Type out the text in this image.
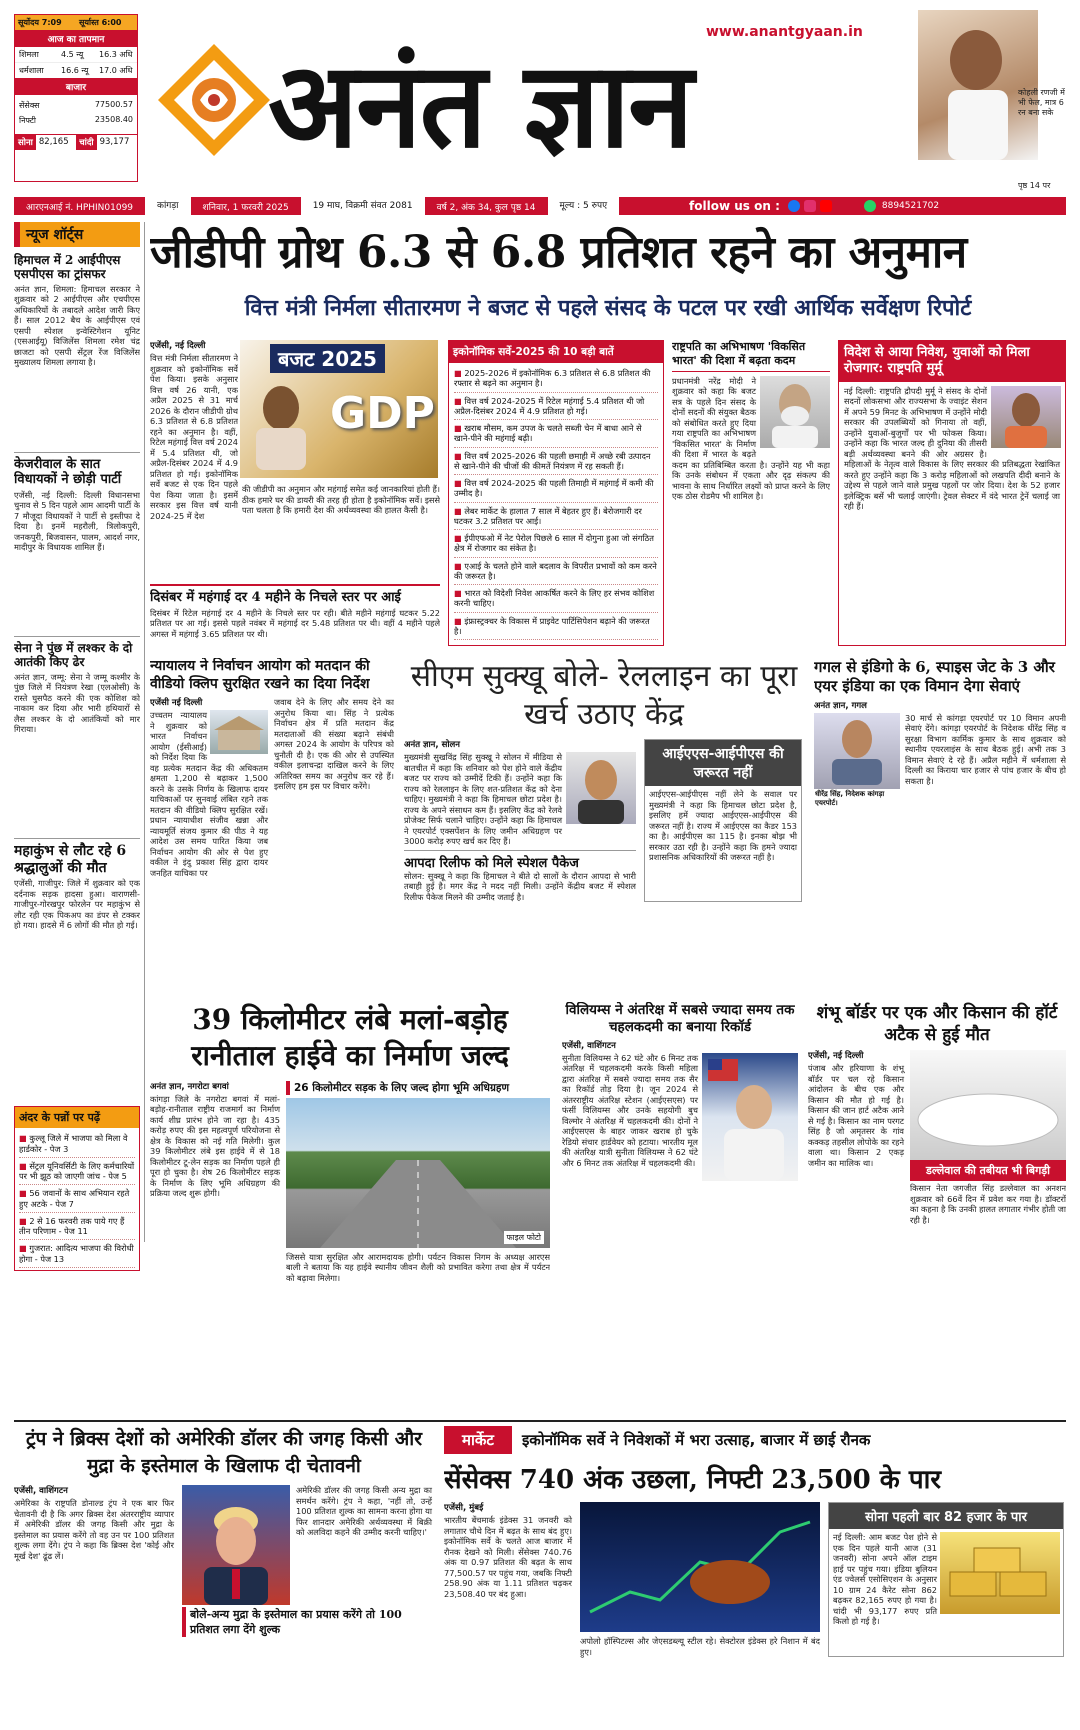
सूर्योदय 7:09	सूर्यास्त 6:00
आज का तापमान
शिमला	4.5 न्यू	16.3 अधि
धर्मशाला	16.6 न्यू	17.0 अधि
बाजार
सेंसेक्स	77500.57
निफ्टी	23508.40
सोना 82,165	चांदी 93,177 अनंत ज्ञान
www.anantgyaan.in
कोहली रणजी में भी फेल, मात्र 6 रन बना सके
पृष्ठ 14 पर
आरएनआई नं. HPHIN01099	कांगड़ा	शनिवार, 1 फरवरी 2025	19 माघ, विक्रमी संवत 2081	वर्ष 2, अंक 34, कुल पृष्ठ 14	मूल्य : 5 रुपए	follow us on :	8894521702
न्यूज शॉर्ट्स
हिमाचल में 2 आईपीएस एसपीएस का ट्रांसफर
अनंत ज्ञान, शिमला: हिमाचल सरकार ने शुक्रवार को 2 आईपीएस और एचपीएस अधिकारियों के तबादले आदेश जारी किए हैं। साल 2012 बैच के आईपीएस एवं एसपी स्पेशल इन्वेस्टिगेशन यूनिट (एसआईयू) विजिलेंस शिमला रमेश चंद्र छाजटा को एसपी सेंट्रल रेंज विजिलेंस मुख्यालय शिमला लगाया है।
केजरीवाल के सात विधायकों ने छोड़ी पार्टी
एजेंसी, नई दिल्ली: दिल्ली विधानसभा चुनाव से 5 दिन पहले आम आदमी पार्टी के 7 मौजूदा विधायकों ने पार्टी से इस्तीफा दे दिया है। इनमें महरौली, त्रिलोकपुरी, जनकपुरी, बिजवासन, पालम, आदर्श नगर, मादीपुर के विधायक शामिल हैं।
सेना ने पुंछ में लश्कर के दो आतंकी किए ढेर
अनंत ज्ञान, जम्मू: सेना ने जम्मू कश्मीर के पुंछ जिले में नियंत्रण रेखा (एलओसी) के रास्ते घुसपैठ करने की एक कोशिश को नाकाम कर दिया और भारी हथियारों से लैस लश्कर के दो आतंकियों को मार गिराया।
महाकुंभ से लौट रहे 6 श्रद्धालुओं की मौत
एजेंसी, गाजीपुर: जिले में शुक्रवार को एक दर्दनाक सड़क हादसा हुआ। वाराणसी-गाजीपुर-गोरखपुर फोरलेन पर महाकुंभ से लौट रही एक पिकअप का डंपर से टक्कर हो गया। हादसे में 6 लोगों की मौत हो गई।
अंदर के पन्नों पर पढ़ें
■ कुल्लू जिले में भाजपा को मिला वे हार्डकोर - पेज 3
■ सेंट्रल यूनिवर्सिटी के लिए कर्मचारियों पर भी झूठ को जाएगी जांच - पेज 5
■ 56 जवानों के साथ अभियान रहते हुए अटके - पेज 7
■ 2 से 16 फरवरी तक पाये गए हैं तीन परिणाम - पेज 11
■ गुजरात: आदित्य भाजपा की विरोधी होगा - पेज 13
जीडीपी ग्रोथ 6.3 से 6.8 प्रतिशत रहने का अनुमान
वित्त मंत्री निर्मला सीतारमण ने बजट से पहले संसद के पटल पर रखी आर्थिक सर्वेक्षण रिपोर्ट
एजेंसी, नई दिल्ली
वित्त मंत्री निर्मला सीतारमण ने शुक्रवार को इकोनॉमिक सर्वे पेश किया। इसके अनुसार वित्त वर्ष 26 यानी, एक अप्रैल 2025 से 31 मार्च 2026 के दौरान जीडीपी ग्रोथ 6.3 प्रतिशत से 6.8 प्रतिशत रहने का अनुमान है। वहीं, रिटेल महंगाई वित्त वर्ष 2024 में 5.4 प्रतिशत थी, जो अप्रैल-दिसंबर 2024 में 4.9 प्रतिशत हो गई। इकोनॉमिक सर्वे बजट से एक दिन पहले पेश किया जाता है। इसमें सरकार इस वित्त वर्ष यानी 2024-25 में देश
बजट 2025
GDP
की जीडीपी का अनुमान और महंगाई समेत कई जानकारियां होती हैं। ठीक हमारे घर की डायरी की तरह ही होता है इकोनॉमिक सर्वे। इससे पता चलता है कि हमारी देश की अर्थव्यवस्था की हालत कैसी है।
दिसंबर में महंगाई दर 4 महीने के निचले स्तर पर आई
दिसंबर में रिटेल महंगाई दर 4 महीने के निचले स्तर पर रही। बीते महीने महंगाई घटकर 5.22 प्रतिशत पर आ गई। इससे पहले नवंबर में महंगाई दर 5.48 प्रतिशत पर थी। वहीं 4 महीने पहले अगस्त में महंगाई 3.65 प्रतिशत पर थी।
इकोनॉमिक सर्वे-2025 की 10 बड़ी बातें
■ 2025-2026 में इकोनॉमिक 6.3 प्रतिशत से 6.8 प्रतिशत की रफ्तार से बढ़ने का अनुमान है।
■ वित्त वर्ष 2024-2025 में रिटेल महंगाई 5.4 प्रतिशत थी जो अप्रैल-दिसंबर 2024 में 4.9 प्रतिशत हो गई।
■ खराब मौसम, कम उपज के चलते सब्जी चेन में बाधा आने से खाने-पीने की महंगाई बढ़ी।
■ वित्त वर्ष 2025-2026 की पहली छमाही में अच्छे रबी उत्पादन से खाने-पीने की चीजों की कीमतें नियंत्रण में रह सकती हैं।
■ वित्त वर्ष 2024-2025 की पहली तिमाही में महंगाई में कमी की उम्मीद है।
■ लेबर मार्केट के हालात 7 साल में बेहतर हुए हैं। बेरोजगारी दर घटकर 3.2 प्रतिशत पर आई।
■ ईपीएफओ में नेट पेरोल पिछले 6 साल में दोगुना हुआ जो संगठित क्षेत्र में रोजगार का संकेत है।
■ एआई के चलते होने वाले बदलाव के विपरीत प्रभावों को कम करने की जरूरत है।
■ भारत को विदेशी निवेश आकर्षित करने के लिए हर संभव कोशिश करनी चाहिए।
■ इंफ्रास्ट्रक्चर के विकास में प्राइवेट पार्टिसिपेशन बढ़ाने की जरूरत है।
राष्ट्रपति का अभिभाषण 'विकसित भारत' की दिशा में बढ़ता कदम
प्रधानमंत्री नरेंद्र मोदी ने शुक्रवार को कहा कि बजट सत्र के पहले दिन संसद के दोनों सदनों की संयुक्त बैठक को संबोधित करते हुए दिया गया राष्ट्रपति का अभिभाषण 'विकसित भारत' के निर्माण की दिशा में भारत के बढ़ते कदम का प्रतिबिम्बित करता है। उन्होंने यह भी कहा कि उनके संबोधन में एकता और दृढ़ संकल्प की भावना के साथ निर्धारित लक्ष्यों को प्राप्त करने के लिए एक ठोस रोडमैप भी शामिल है।
विदेश से आया निवेश, युवाओं को मिला रोजगार: राष्ट्रपति मुर्मू
नई दिल्ली: राष्ट्रपति द्रौपदी मुर्मू ने संसद के दोनों सदनों लोकसभा और राज्यसभा के ज्वाइंट सेशन में अपने 59 मिनट के अभिभाषण में उन्होंने मोदी सरकार की उपलब्धियों को गिनाया तो वहीं, उन्होंने युवाओं-बुजुर्गों पर भी फोकस किया। उन्होंने कहा कि भारत जल्द ही दुनिया की तीसरी बड़ी अर्थव्यवस्था बनने की ओर अग्रसर है। महिलाओं के नेतृत्व वाले विकास के लिए सरकार की प्रतिबद्धता रेखांकित करते हुए उन्होंने कहा कि 3 करोड़ महिलाओं को लखपति दीदी बनाने के उद्देश्य से पहले जाने वाले प्रमुख पहलों पर जोर दिया। देश के 52 हजार इलेक्ट्रिक बसें भी चलाई जाएंगी। ट्रेवल सेक्टर में वंदे भारत ट्रेनें चलाई जा रही हैं।
न्यायालय ने निर्वाचन आयोग को मतदान की वीडियो क्लिप सुरक्षित रखने का दिया निर्देश
एजेंसी नई दिल्ली
उच्चतम न्यायालय ने शुक्रवार को भारत निर्वाचन आयोग (ईसीआई) को निर्देश दिया कि वह प्रत्येक मतदान केंद्र की अधिकतम क्षमता 1,200 से बढ़ाकर 1,500 करने के उसके निर्णय के खिलाफ दायर याचिकाओं पर सुनवाई लंबित रहने तक मतदान की वीडियो क्लिप सुरक्षित रखें। प्रधान न्यायाधीश संजीव खन्ना और न्यायमूर्ति संजय कुमार की पीठ ने यह आदेश उस समय पारित किया जब निर्वाचन आयोग की ओर से पेश हुए वकील ने इंदु प्रकाश सिंह द्वारा दायर जनहित याचिका पर
जवाब देने के लिए और समय देने का अनुरोध किया था। सिंह ने प्रत्येक निर्वाचन क्षेत्र में प्रति मतदान केंद्र मतदाताओं की संख्या बढ़ाने संबंधी अगस्त 2024 के आयोग के परिपत्र को चुनौती दी है। एक की ओर से उपस्थित वकील इलाचन्द्रा दाखिल करने के लिए अतिरिक्त समय का अनुरोध कर रहे हैं। इसलिए हम इस पर विचार करेंगे।
सीएम सुक्खू बोले- रेललाइन का पूरा खर्च उठाए केंद्र
अनंत ज्ञान, सोलन
मुख्यमंत्री सुखविंद्र सिंह सुक्खू ने सोलन में मीडिया से बातचीत में कहा कि शनिवार को पेश होने वाले केंद्रीय बजट पर राज्य को उम्मीदें टिकी हैं। उन्होंने कहा कि राज्य को रेललाइन के लिए शत-प्रतिशत केंद्र को देना चाहिए। मुख्यमंत्री ने कहा कि हिमाचल छोटा प्रदेश है। राज्य के अपने संसाधन कम हैं। इसलिए केंद्र को रेलवे प्रोजेक्ट सिर्फ चलाने चाहिए। उन्होंने कहा कि हिमाचल ने एयरपोर्ट एक्सपेंशन के लिए जमीन अधिग्रहण पर 3000 करोड़ रुपए खर्च कर दिए हैं।
आपदा रिलीफ को मिले स्पेशल पैकेज
सोलन: सुक्खू ने कहा कि हिमाचल ने बीते दो सालों के दौरान आपदा से भारी तबाही हुई है। मगर केंद्र ने मदद नहीं मिली। उन्होंने केंद्रीय बजट में स्पेशल रिलीफ पैकेज मिलने की उम्मीद जताई है।
आईएएस-आईपीएस की जरूरत नहीं
आईएएस-आईपीएस नहीं लेने के सवाल पर मुख्यमंत्री ने कहा कि हिमाचल छोटा प्रदेश है, इसलिए हमें ज्यादा आईएएस-आईपीएस की जरूरत नहीं है। राज्य में आईएएस का कैडर 153 का है। आईपीएस का 115 है। इनका बोझ भी सरकार उठा रही है। उन्होंने कहा कि हमने ज्यादा प्रशासनिक अधिकारियों की जरूरत नहीं है।
गगल से इंडिगो के 6, स्पाइस जेट के 3 और एयर इंडिया का एक विमान देगा सेवाएं
अनंत ज्ञान, गगल
धीरेंद्र सिंह, निदेशक कांगड़ा एयरपोर्ट।
30 मार्च से कांगड़ा एयरपोर्ट पर 10 विमान अपनी सेवाएं देंगे। कांगड़ा एयरपोर्ट के निदेशक धीरेंद्र सिंह व सुरक्षा विभाग कार्मिक कुमार के साथ शुक्रवार को स्थानीय एयरलाइंस के साथ बैठक हुई। अभी तक 3 विमान सेवाएं दे रहे हैं। अप्रैल महीने में धर्मशाला से दिल्ली का किराया चार हजार से पांच हजार के बीच हो सकता है।
39 किलोमीटर लंबे मलां-बड़ोह रानीताल हाईवे का निर्माण जल्द
अनंत ज्ञान, नगरोटा बगवां
कांगड़ा जिले के नगरोटा बगवां में मलां-बड़ोह-रानीताल राष्ट्रीय राजमार्ग का निर्माण कार्य शीघ्र प्रारंभ होने जा रहा है। 435 करोड़ रुपए की इस महत्वपूर्ण परियोजना से क्षेत्र के विकास को नई गति मिलेगी। कुल 39 किलोमीटर लंबे इस हाईवे में से 18 किलोमीटर टू-लेन सड़क का निर्माण पहले ही पूरा हो चुका है। शेष 26 किलोमीटर सड़क के निर्माण के लिए भूमि अधिग्रहण की प्रक्रिया जल्द शुरू होगी।
26 किलोमीटर सड़क के लिए जल्द होगा भूमि अधिग्रहण
फाइल फोटो
जिससे यात्रा सुरक्षित और आरामदायक होगी। पर्यटन विकास निगम के अध्यक्ष आरएस बाली ने बताया कि यह हाईवे स्थानीय जीवन शैली को प्रभावित करेगा तथा क्षेत्र में पर्यटन को बढ़ावा मिलेगा।
विलियम्स ने अंतरिक्ष में सबसे ज्यादा समय तक चहलकदमी का बनाया रिकॉर्ड
एजेंसी, वाशिंगटन
सुनीता विलियम्स ने 62 घंटे और 6 मिनट तक अंतरिक्ष में चहलकदमी करके किसी महिला द्वारा अंतरिक्ष में सबसे ज्यादा समय तक सैर का रिकॉर्ड तोड़ दिया है। जून 2024 से अंतरराष्ट्रीय अंतरिक्ष स्टेशन (आईएसएस) पर फंसीं विलियम्स और उनके सहयोगी बुच विल्मोर ने अंतरिक्ष में चहलकदमी की। दोनों ने आईएसएस के बाहर जाकर खराब हो चुके रेडियो संचार हार्डवेयर को हटाया। भारतीय मूल की अंतरिक्ष यात्री सुनीता विलियम्स ने 62 घंटे और 6 मिनट तक अंतरिक्ष में चहलकदमी की।
शंभू बॉर्डर पर एक और किसान की हॉर्ट अटैक से हुई मौत
एजेंसी, नई दिल्ली
पंजाब और हरियाणा के शंभू बॉर्डर पर चल रहे किसान आंदोलन के बीच एक और किसान की मौत हो गई है। किसान की जान हार्ट अटैक आने से गई है। किसान का नाम परगट सिंह है जो अमृतसर के गांव कक्कड़ तहसील लोपोके का रहने वाला था। किसान 2 एकड़ जमीन का मालिक था।
डल्लेवाल की तबीयत भी बिगड़ी
किसान नेता जगजीत सिंह डल्लेवाल का अनशन शुक्रवार को 66वें दिन में प्रवेश कर गया है। डॉक्टरों का कहना है कि उनकी हालत लगातार गंभीर होती जा रही है।
ट्रंप ने ब्रिक्स देशों को अमेरिकी डॉलर की जगह किसी और मुद्रा के इस्तेमाल के खिलाफ दी चेतावनी
एजेंसी, वाशिंगटन
अमेरिका के राष्ट्रपति डोनाल्ड ट्रंप ने एक बार फिर चेतावनी दी है कि अगर ब्रिक्स देश अंतरराष्ट्रीय व्यापार में अमेरिकी डॉलर की जगह किसी और मुद्रा के इस्तेमाल का प्रयास करेंगे तो वह उन पर 100 प्रतिशत शुल्क लगा देंगे। ट्रंप ने कहा कि ब्रिक्स देश 'कोई और मूर्ख देश' ढूंढ लें।
अमेरिकी डॉलर की जगह किसी अन्य मुद्रा का समर्थन करेंगे। ट्रंप ने कहा, 'नहीं तो, उन्हें 100 प्रतिशत शुल्क का सामना करना होगा या फिर शानदार अमेरिकी अर्थव्यवस्था में बिक्री को अलविदा कहने की उम्मीद करनी चाहिए।'
बोले-अन्य मुद्रा के इस्तेमाल का प्रयास करेंगे तो 100 प्रतिशत लगा देंगे शुल्क
मार्केट	इकोनॉमिक सर्वे ने निवेशकों में भरा उत्साह, बाजार में छाई रौनक
सेंसेक्स 740 अंक उछला, निफ्टी 23,500 के पार
एजेंसी, मुंबई
भारतीय बेंचमार्क इंडेक्स 31 जनवरी को लगातार चौथे दिन में बढ़त के साथ बंद हुए। इकोनॉमिक सर्वे के चलते आज बाजार में रौनक देखने को मिली। सेंसेक्स 740.76 अंक या 0.97 प्रतिशत की बढ़त के साथ 77,500.57 पर पहुंच गया, जबकि निफ्टी 258.90 अंक या 1.11 प्रतिशत चढ़कर 23,508.40 पर बंद हुआ।
अपोलो हॉस्पिटल्स और जेएसडब्ल्यू स्टील रहे। सेक्टोरल इंडेक्स हरे निशान में बंद हुए।
सोना पहली बार 82 हजार के पार
नई दिल्ली: आम बजट पेश होने से एक दिन पहले यानी आज (31 जनवरी) सोना अपने ऑल टाइम हाई पर पहुंच गया। इंडिया बुलियन एंड ज्वेलर्स एसोसिएशन के अनुसार 10 ग्राम 24 कैरेट सोना 862 बढ़कर 82,165 रुपए हो गया है। चांदी भी 93,177 रुपए प्रति किलो हो गई है।
